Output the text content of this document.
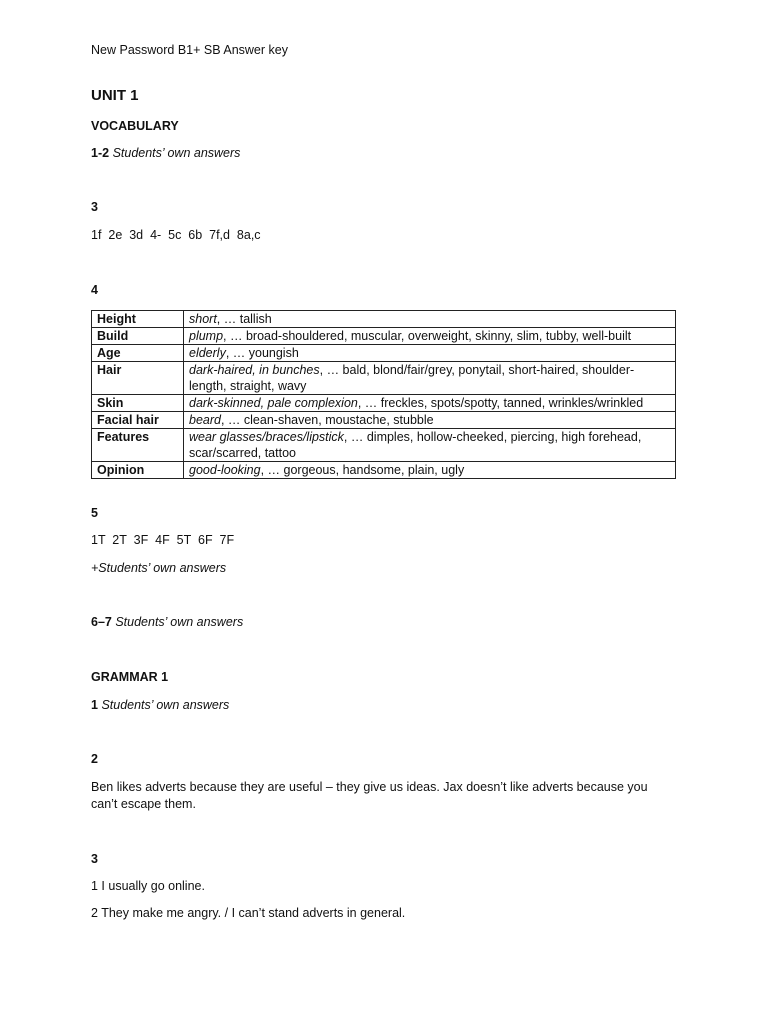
New Password B1+ SB Answer key
UNIT 1
VOCABULARY
1-2 Students’ own answers
3
1f  2e  3d  4-  5c  6b  7f,d  8a,c
4
Height	short, … tallish
Build	plump, … broad-shouldered, muscular, overweight, skinny, slim, tubby, well-built
Age	elderly, … youngish
Hair	dark-haired, in bunches, … bald, blond/fair/grey, ponytail, short-haired, shoulder-length, straight, wavy
Skin	dark-skinned, pale complexion, … freckles, spots/spotty, tanned, wrinkles/wrinkled
Facial hair	beard, … clean-shaven, moustache, stubble
Features	wear glasses/braces/lipstick, … dimples, hollow-cheeked, piercing, high forehead, scar/scarred, tattoo
Opinion	good-looking, … gorgeous, handsome, plain, ugly
5
1T  2T  3F  4F  5T  6F  7F
+Students’ own answers
6–7 Students’ own answers
GRAMMAR 1
1 Students’ own answers
2
Ben likes adverts because they are useful – they give us ideas. Jax doesn’t like adverts because you can’t escape them.
3
1 I usually go online.
2 They make me angry. / I can’t stand adverts in general.
